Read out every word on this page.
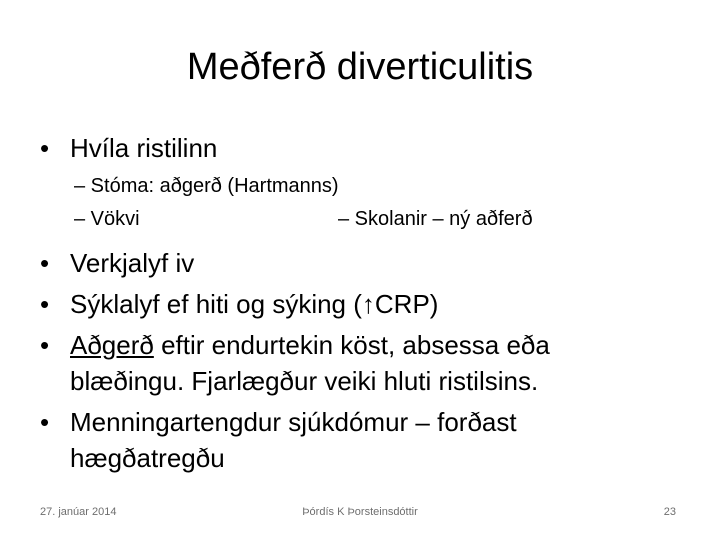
Meðferð diverticulitis
• Hvíla ristilinn
– Stóma: aðgerð (Hartmanns)
– Vökvi	– Skolanir – ný aðferð
• Verkjalyf iv
• Sýklalyf ef hiti og sýking (↑CRP)
• Aðgerð eftir endurtekin köst, absessa eða
blæðingu. Fjarlægður veiki hluti ristilsins.
• Menningartengdur sjúkdómur – forðast
hægðatregðu
27. janúar 2014	Þórdís K Þorsteinsdóttir	23
